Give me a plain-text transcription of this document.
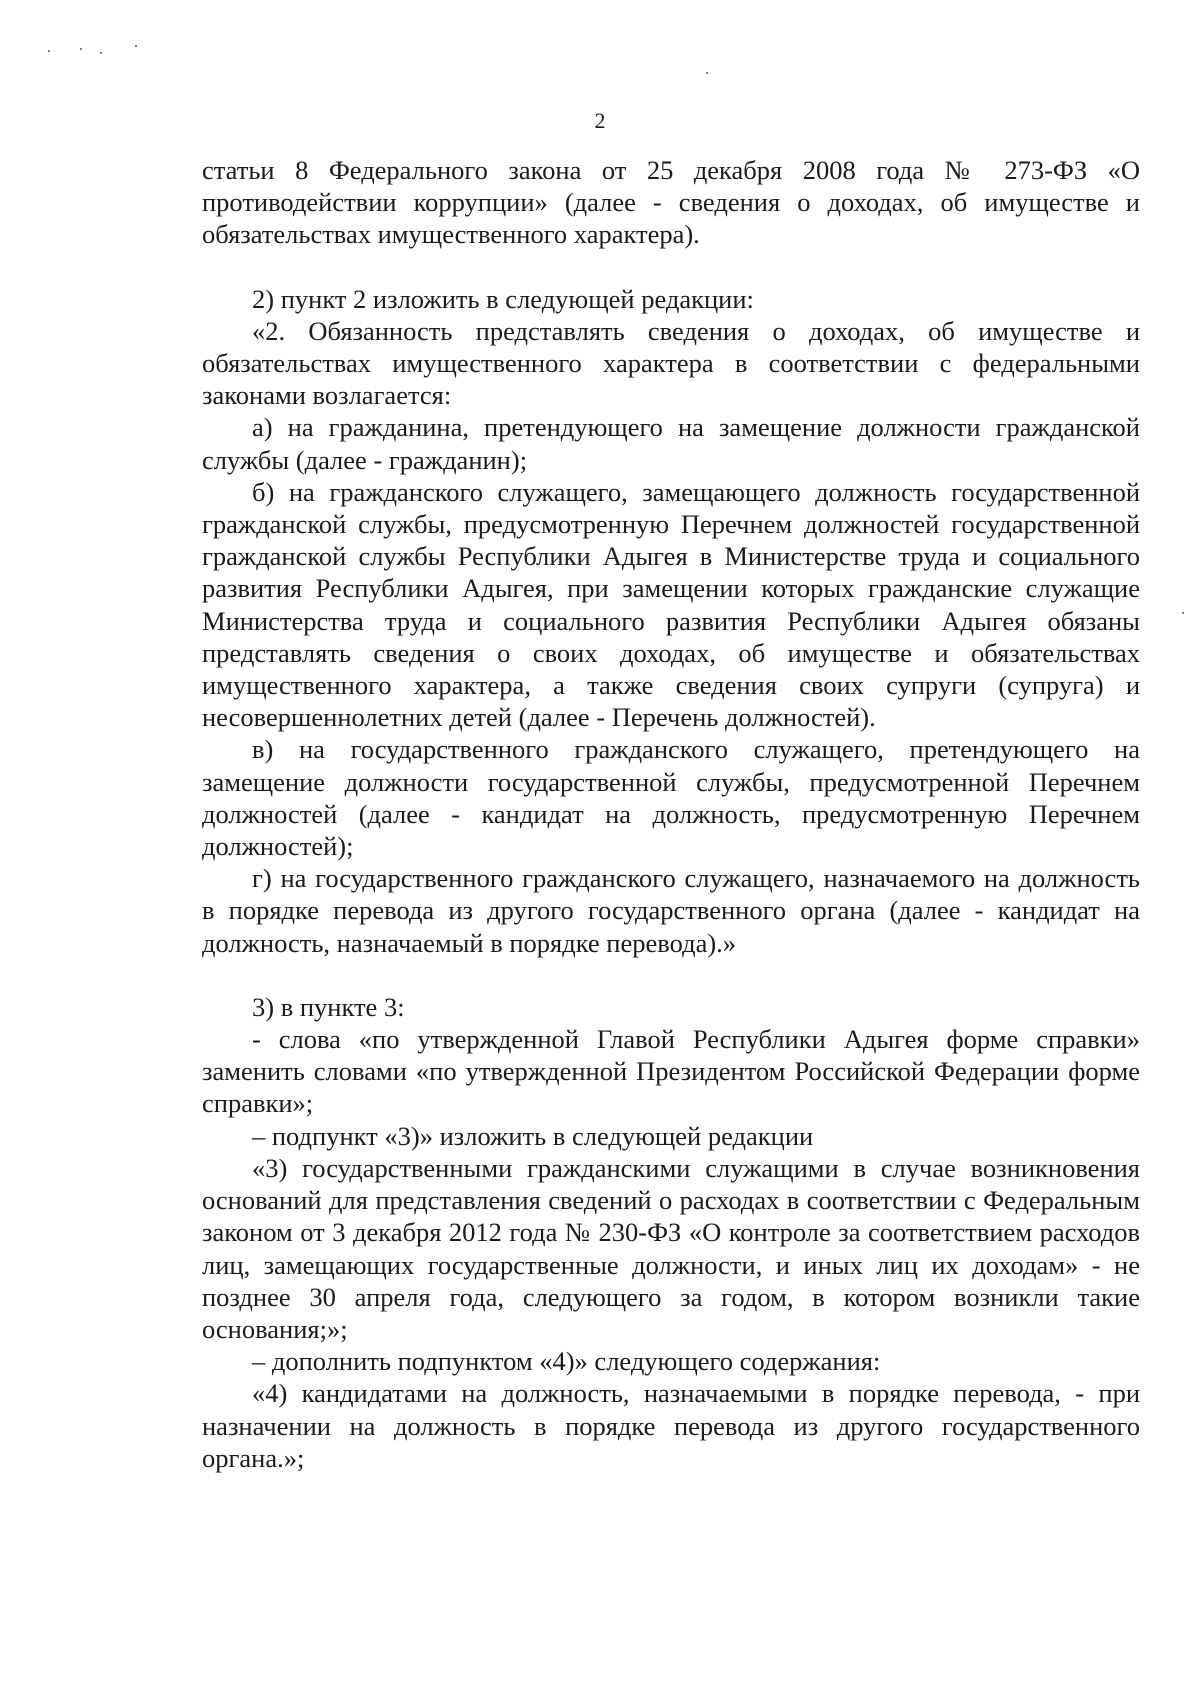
2

статьи 8 Федерального закона от 25 декабря 2008 года № 273-ФЗ «О противодействии коррупции» (далее - сведения о доходах, об имуществе и обязательствах имущественного характера).

2) пункт 2 изложить в следующей редакции:

«2. Обязанность представлять сведения о доходах, об имуществе и обязательствах имущественного характера в соответствии с федеральными законами возлагается:

а) на гражданина, претендующего на замещение должности гражданской службы (далее - гражданин);

б) на гражданского служащего, замещающего должность государственной гражданской службы, предусмотренную Перечнем должностей государственной гражданской службы Республики Адыгея в Министерстве труда и социального развития Республики Адыгея, при замещении которых гражданские служащие Министерства труда и социального развития Республики Адыгея обязаны представлять сведения о своих доходах, об имуществе и обязательствах имущественного характера, а также сведения своих супруги (супруга) и несовершеннолетних детей (далее - Перечень должностей).

в) на государственного гражданского служащего, претендующего на замещение должности государственной службы, предусмотренной Перечнем должностей (далее - кандидат на должность, предусмотренную Перечнем должностей);

г) на государственного гражданского служащего, назначаемого на должность в порядке перевода из другого государственного органа (далее - кандидат на должность, назначаемый в порядке перевода).»

3) в пункте 3:

- слова «по утвержденной Главой Республики Адыгея форме справки» заменить словами «по утвержденной Президентом Российской Федерации форме справки»;

– подпункт «3)» изложить в следующей редакции

«3) государственными гражданскими служащими в случае возникновения оснований для представления сведений о расходах в соответствии с Федеральным законом от 3 декабря 2012 года № 230-ФЗ «О контроле за соответствием расходов лиц, замещающих государственные должности, и иных лиц их доходам» - не позднее 30 апреля года, следующего за годом, в котором возникли такие основания;»;

– дополнить подпунктом «4)» следующего содержания:

«4) кандидатами на должность, назначаемыми в порядке перевода, - при назначении на должность в порядке перевода из другого государственного органа.»;
